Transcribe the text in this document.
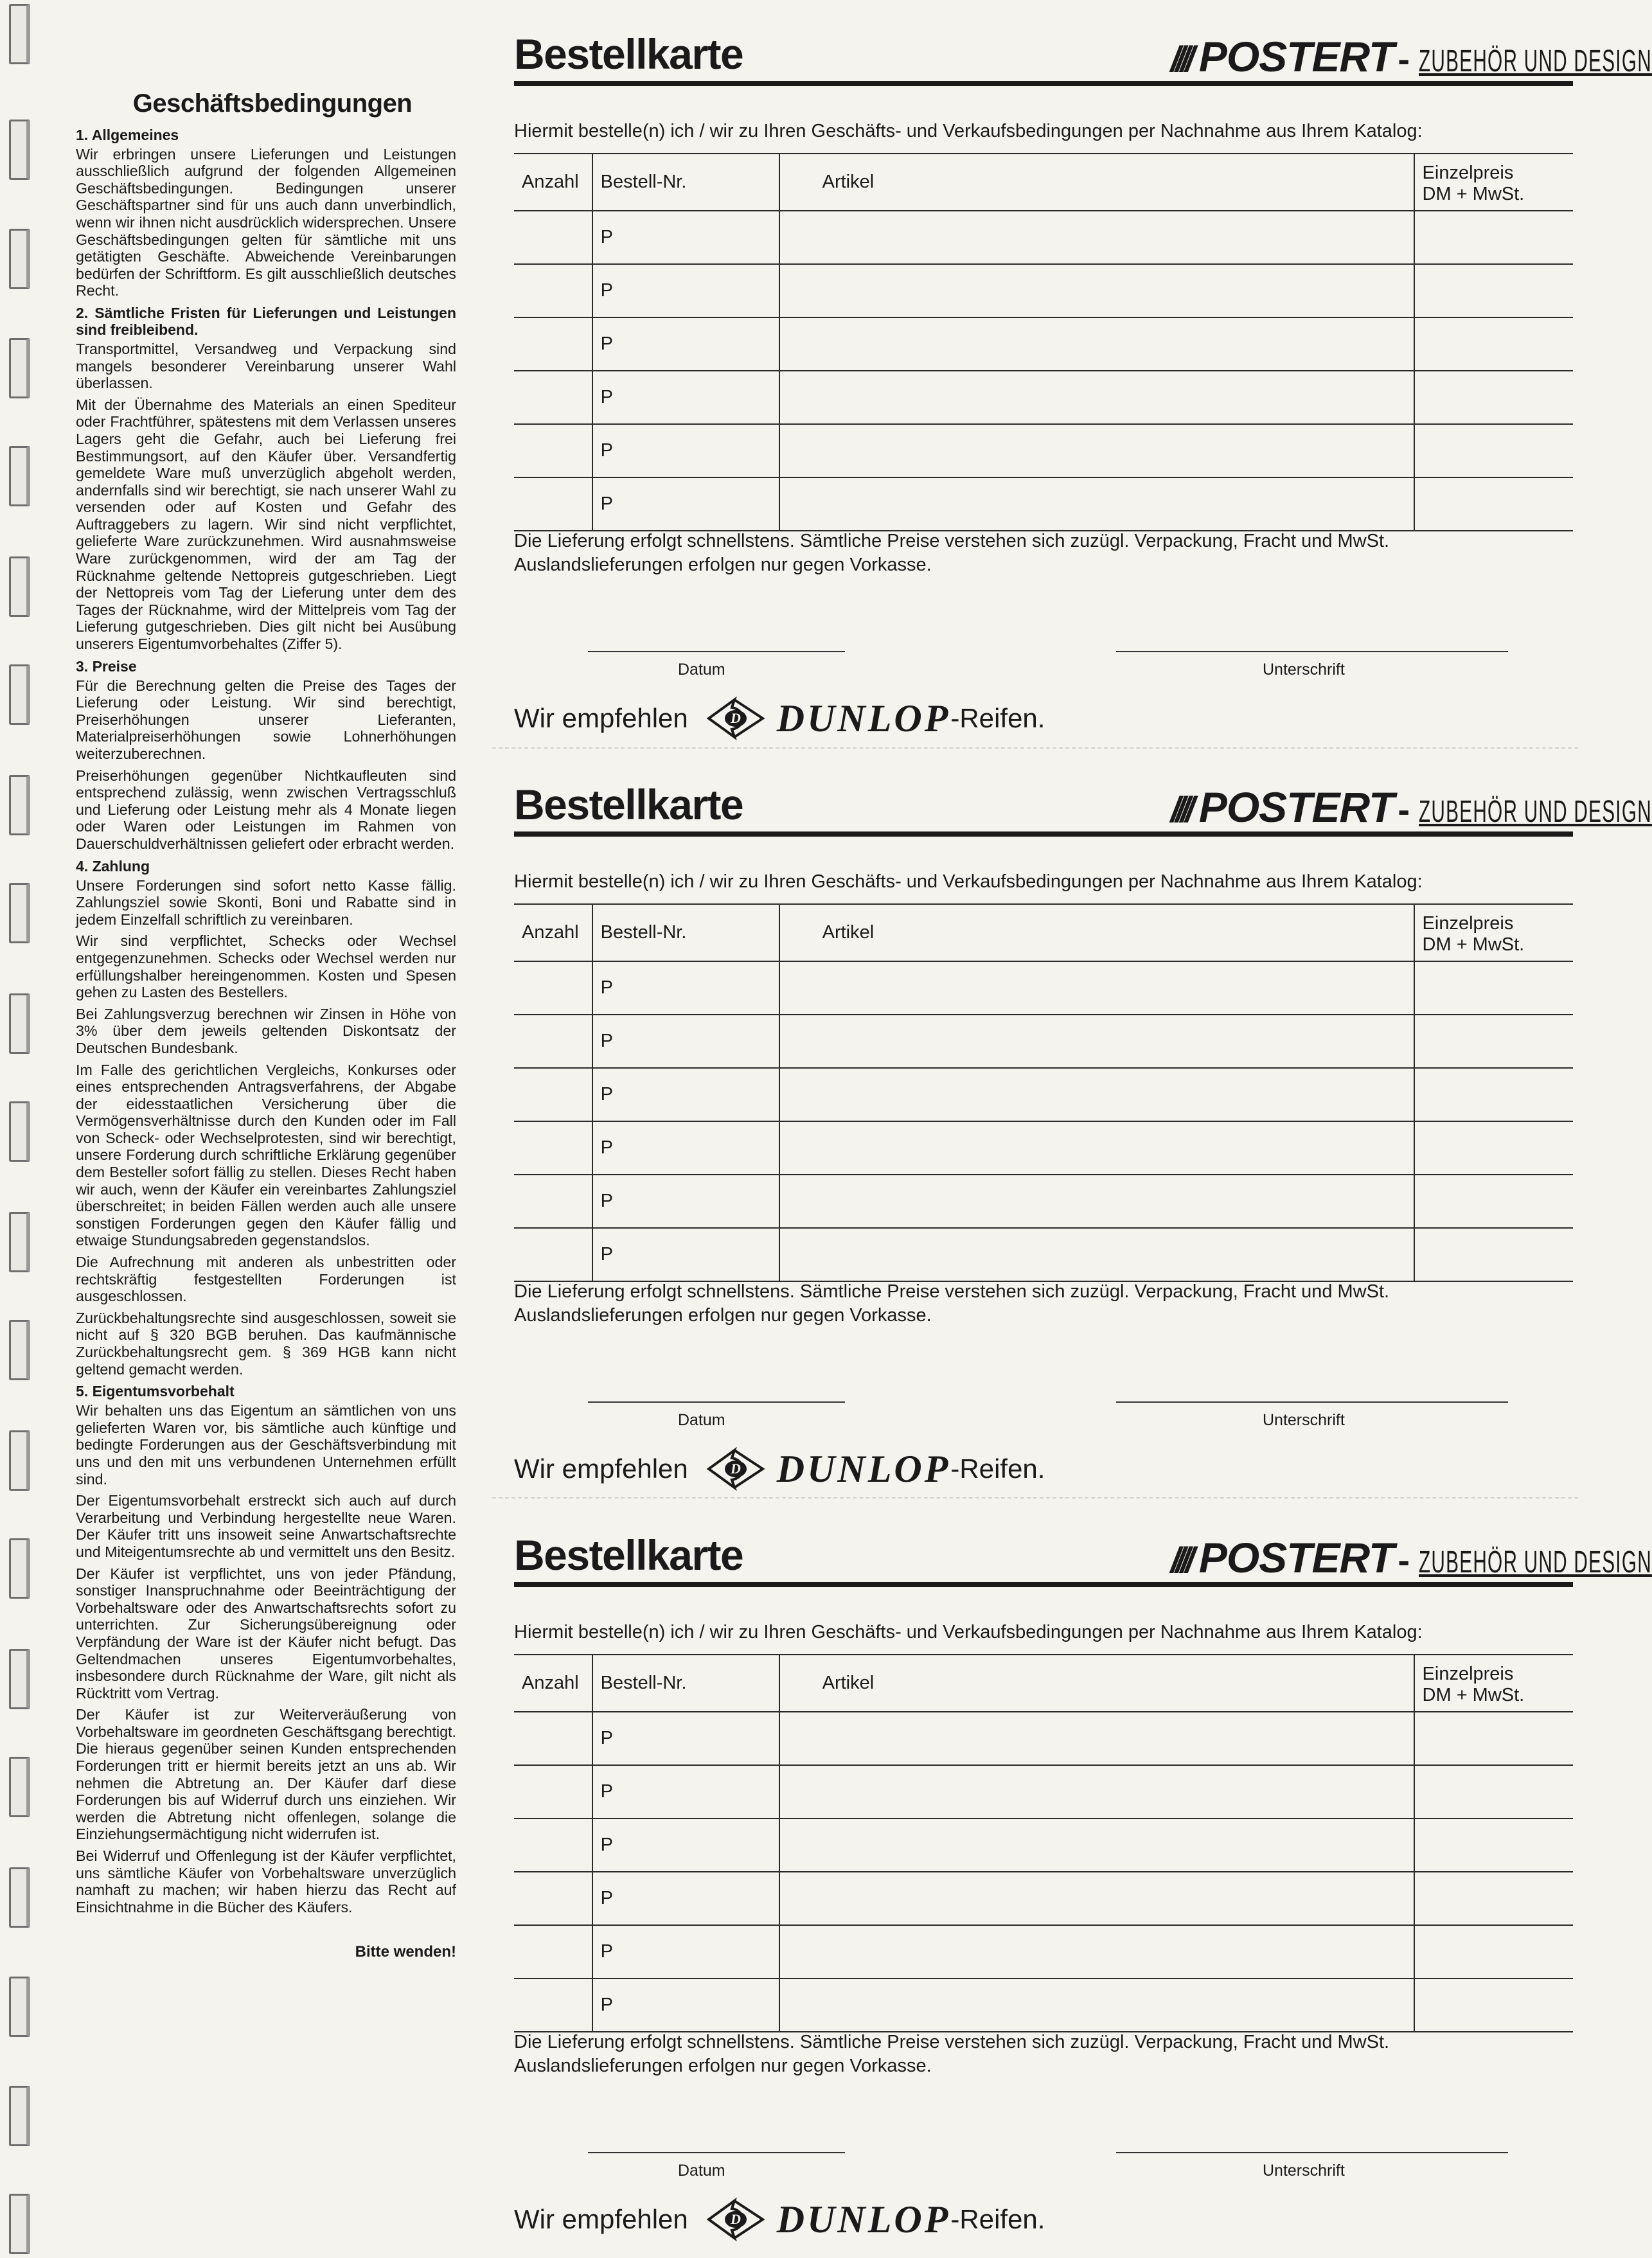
Geschäftsbedingungen
1. Allgemeines

Wir erbringen unsere Lieferungen und Leistungen ausschließlich aufgrund der folgenden Allgemeinen Geschäftsbedingungen. Bedingungen unserer Geschäftspartner sind für uns auch dann unverbindlich, wenn wir ihnen nicht ausdrücklich widersprechen. Unsere Geschäftsbedingungen gelten für sämtliche mit uns getätigten Geschäfte. Abweichende Vereinbarungen bedürfen der Schriftform. Es gilt ausschließlich deutsches Recht.

2. Sämtliche Fristen für Lieferungen und Leistungen sind freibleibend.

Transportmittel, Versandweg und Verpackung sind mangels besonderer Vereinbarung unserer Wahl überlassen.

Mit der Übernahme des Materials an einen Spediteur oder Frachtführer, spätestens mit dem Verlassen unseres Lagers geht die Gefahr, auch bei Lieferung frei Bestimmungsort, auf den Käufer über. Versandfertig gemeldete Ware muß unverzüglich abgeholt werden, andernfalls sind wir berechtigt, sie nach unserer Wahl zu versenden oder auf Kosten und Gefahr des Auftraggebers zu lagern. Wir sind nicht verpflichtet, gelieferte Ware zurückzunehmen. Wird ausnahmsweise Ware zurückgenommen, wird der am Tag der Rücknahme geltende Nettopreis gutgeschrieben. Liegt der Nettopreis vom Tag der Lieferung unter dem des Tages der Rücknahme, wird der Mittelpreis vom Tag der Lieferung gutgeschrieben. Dies gilt nicht bei Ausübung unserers Eigentumvorbehaltes (Ziffer 5).

3. Preise

Für die Berechnung gelten die Preise des Tages der Lieferung oder Leistung. Wir sind berechtigt, Preiserhöhungen unserer Lieferanten, Materialpreiserhöhungen sowie Lohnerhöhungen weiterzuberechnen.

Preiserhöhungen gegenüber Nichtkaufleuten sind entsprechend zulässig, wenn zwischen Vertragsschluß und Lieferung oder Leistung mehr als 4 Monate liegen oder Waren oder Leistungen im Rahmen von Dauerschuldverhältnissen geliefert oder erbracht werden.

4. Zahlung

Unsere Forderungen sind sofort netto Kasse fällig. Zahlungsziel sowie Skonti, Boni und Rabatte sind in jedem Einzelfall schriftlich zu vereinbaren.

Wir sind verpflichtet, Schecks oder Wechsel entgegenzunehmen. Schecks oder Wechsel werden nur erfüllungshalber hereingenommen. Kosten und Spesen gehen zu Lasten des Bestellers.

Bei Zahlungsverzug berechnen wir Zinsen in Höhe von 3% über dem jeweils geltenden Diskontsatz der Deutschen Bundesbank.

Im Falle des gerichtlichen Vergleichs, Konkurses oder eines entsprechenden Antragsverfahrens, der Abgabe der eidesstaatlichen Versicherung über die Vermögensverhältnisse durch den Kunden oder im Fall von Scheck- oder Wechselprotesten, sind wir berechtigt, unsere Forderung durch schriftliche Erklärung gegenüber dem Besteller sofort fällig zu stellen. Dieses Recht haben wir auch, wenn der Käufer ein vereinbartes Zahlungsziel überschreitet; in beiden Fällen werden auch alle unsere sonstigen Forderungen gegen den Käufer fällig und etwaige Stundungsabreden gegenstandslos.

Die Aufrechnung mit anderen als unbestritten oder rechtskräftig festgestellten Forderungen ist ausgeschlossen.

Zurückbehaltungsrechte sind ausgeschlossen, soweit sie nicht auf § 320 BGB beruhen. Das kaufmännische Zurückbehaltungsrecht gem. § 369 HGB kann nicht geltend gemacht werden.

5. Eigentumsvorbehalt

Wir behalten uns das Eigentum an sämtlichen von uns gelieferten Waren vor, bis sämtliche auch künftige und bedingte Forderungen aus der Geschäftsverbindung mit uns und den mit uns verbundenen Unternehmen erfüllt sind.

Der Eigentumsvorbehalt erstreckt sich auch auf durch Verarbeitung und Verbindung hergestellte neue Waren. Der Käufer tritt uns insoweit seine Anwartschaftsrechte und Miteigentumsrechte ab und vermittelt uns den Besitz.

Der Käufer ist verpflichtet, uns von jeder Pfändung, sonstiger Inanspruchnahme oder Beeinträchtigung der Vorbehaltsware oder des Anwartschaftsrechts sofort zu unterrichten. Zur Sicherungsübereignung oder Verpfändung der Ware ist der Käufer nicht befugt. Das Geltendmachen unseres Eigentumvorbehaltes, insbesondere durch Rücknahme der Ware, gilt nicht als Rücktritt vom Vertrag.

Der Käufer ist zur Weiterveräußerung von Vorbehaltsware im geordneten Geschäftsgang berechtigt. Die hieraus gegenüber seinen Kunden entsprechenden Forderungen tritt er hiermit bereits jetzt an uns ab. Wir nehmen die Abtretung an. Der Käufer darf diese Forderungen bis auf Widerruf durch uns einziehen. Wir werden die Abtretung nicht offenlegen, solange die Einziehungsermächtigung nicht widerrufen ist.

Bei Widerruf und Offenlegung ist der Käufer verpflichtet, uns sämtliche Käufer von Vorbehaltsware unverzüglich namhaft zu machen; wir haben hierzu das Recht auf Einsichtnahme in die Bücher des Käufers.

Bitte wenden!
Bestellkarte	//// POSTERT - ZUBEHÖR UND DESIGN
Hiermit bestelle(n) ich / wir zu Ihren Geschäfts- und Verkaufsbedingungen per Nachnahme aus Ihrem Katalog:
Anzahl	Bestell-Nr.	Artikel	Einzelpreis
DM + MwSt.
	P		
	P		
	P		
	P		
	P		
	P		
Die Lieferung erfolgt schnellstens. Sämtliche Preise verstehen sich zuzügl. Verpackung, Fracht und MwSt.
Auslandslieferungen erfolgen nur gegen Vorkasse.
Datum	Unterschrift
Wir empfehlen	D DUNLOP -Reifen.
Bestellkarte	//// POSTERT - ZUBEHÖR UND DESIGN
Hiermit bestelle(n) ich / wir zu Ihren Geschäfts- und Verkaufsbedingungen per Nachnahme aus Ihrem Katalog:
Anzahl	Bestell-Nr.	Artikel	Einzelpreis
DM + MwSt.
	P		
	P		
	P		
	P		
	P		
	P		
Die Lieferung erfolgt schnellstens. Sämtliche Preise verstehen sich zuzügl. Verpackung, Fracht und MwSt.
Auslandslieferungen erfolgen nur gegen Vorkasse.
Datum	Unterschrift
Wir empfehlen	D DUNLOP -Reifen.
Bestellkarte	//// POSTERT - ZUBEHÖR UND DESIGN
Hiermit bestelle(n) ich / wir zu Ihren Geschäfts- und Verkaufsbedingungen per Nachnahme aus Ihrem Katalog:
Anzahl	Bestell-Nr.	Artikel	Einzelpreis
DM + MwSt.
	P		
	P		
	P		
	P		
	P		
	P		
Die Lieferung erfolgt schnellstens. Sämtliche Preise verstehen sich zuzügl. Verpackung, Fracht und MwSt.
Auslandslieferungen erfolgen nur gegen Vorkasse.
Datum	Unterschrift
Wir empfehlen	D DUNLOP -Reifen.
